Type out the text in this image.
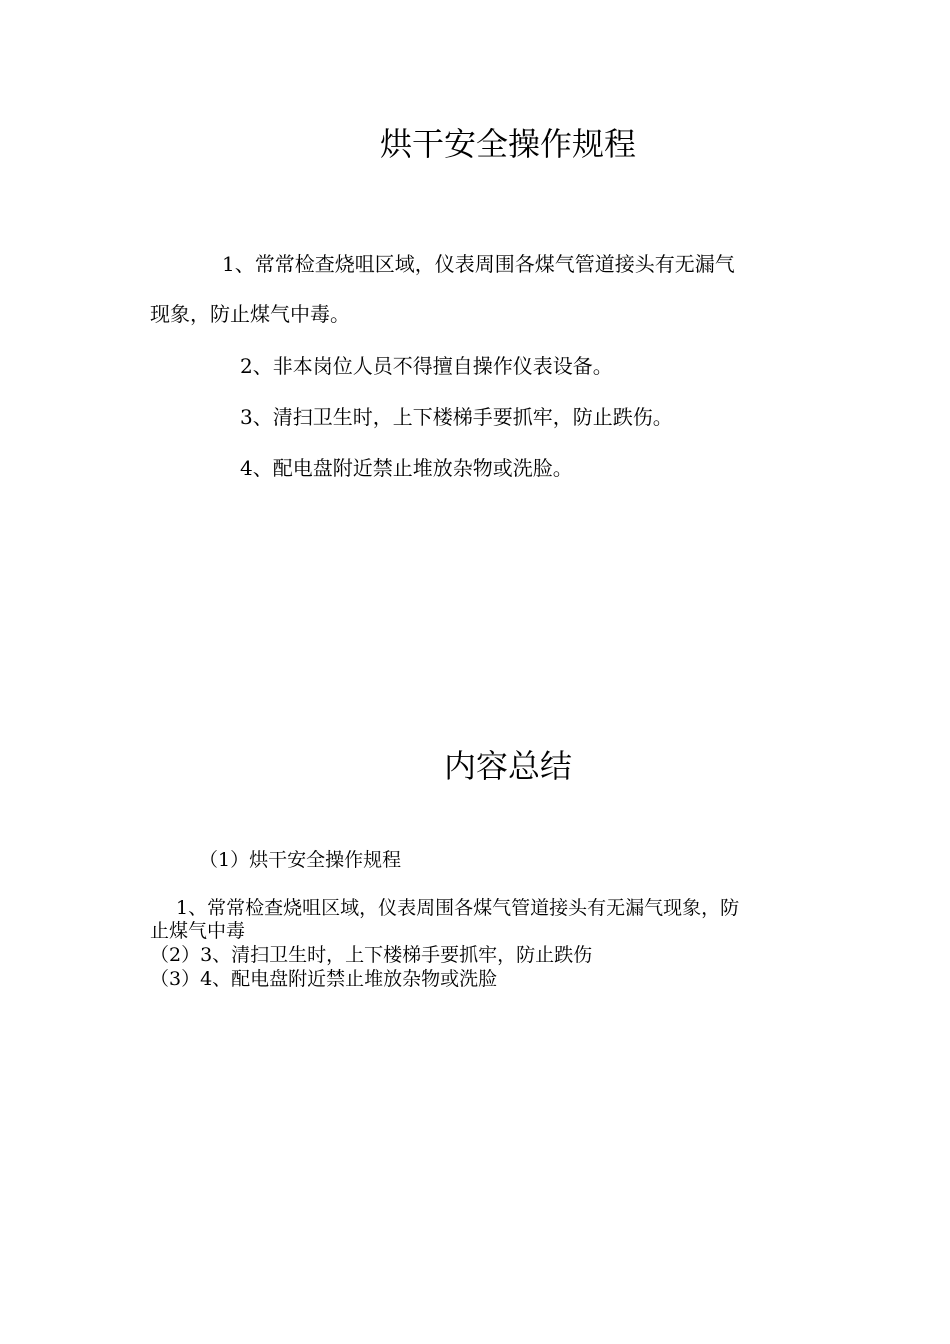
烘干安全操作规程
1、常常检查烧咀区域，仪表周围各煤气管道接头有无漏气
现象，防止煤气中毒。
2、非本岗位人员不得擅自操作仪表设备。
3、清扫卫生时，上下楼梯手要抓牢，防止跌伤。
4、配电盘附近禁止堆放杂物或洗脸。
内容总结
（1）烘干安全操作规程
1、常常检查烧咀区域，仪表周围各煤气管道接头有无漏气现象，防
止煤气中毒
（2）3、清扫卫生时，上下楼梯手要抓牢，防止跌伤
（3）4、配电盘附近禁止堆放杂物或洗脸
